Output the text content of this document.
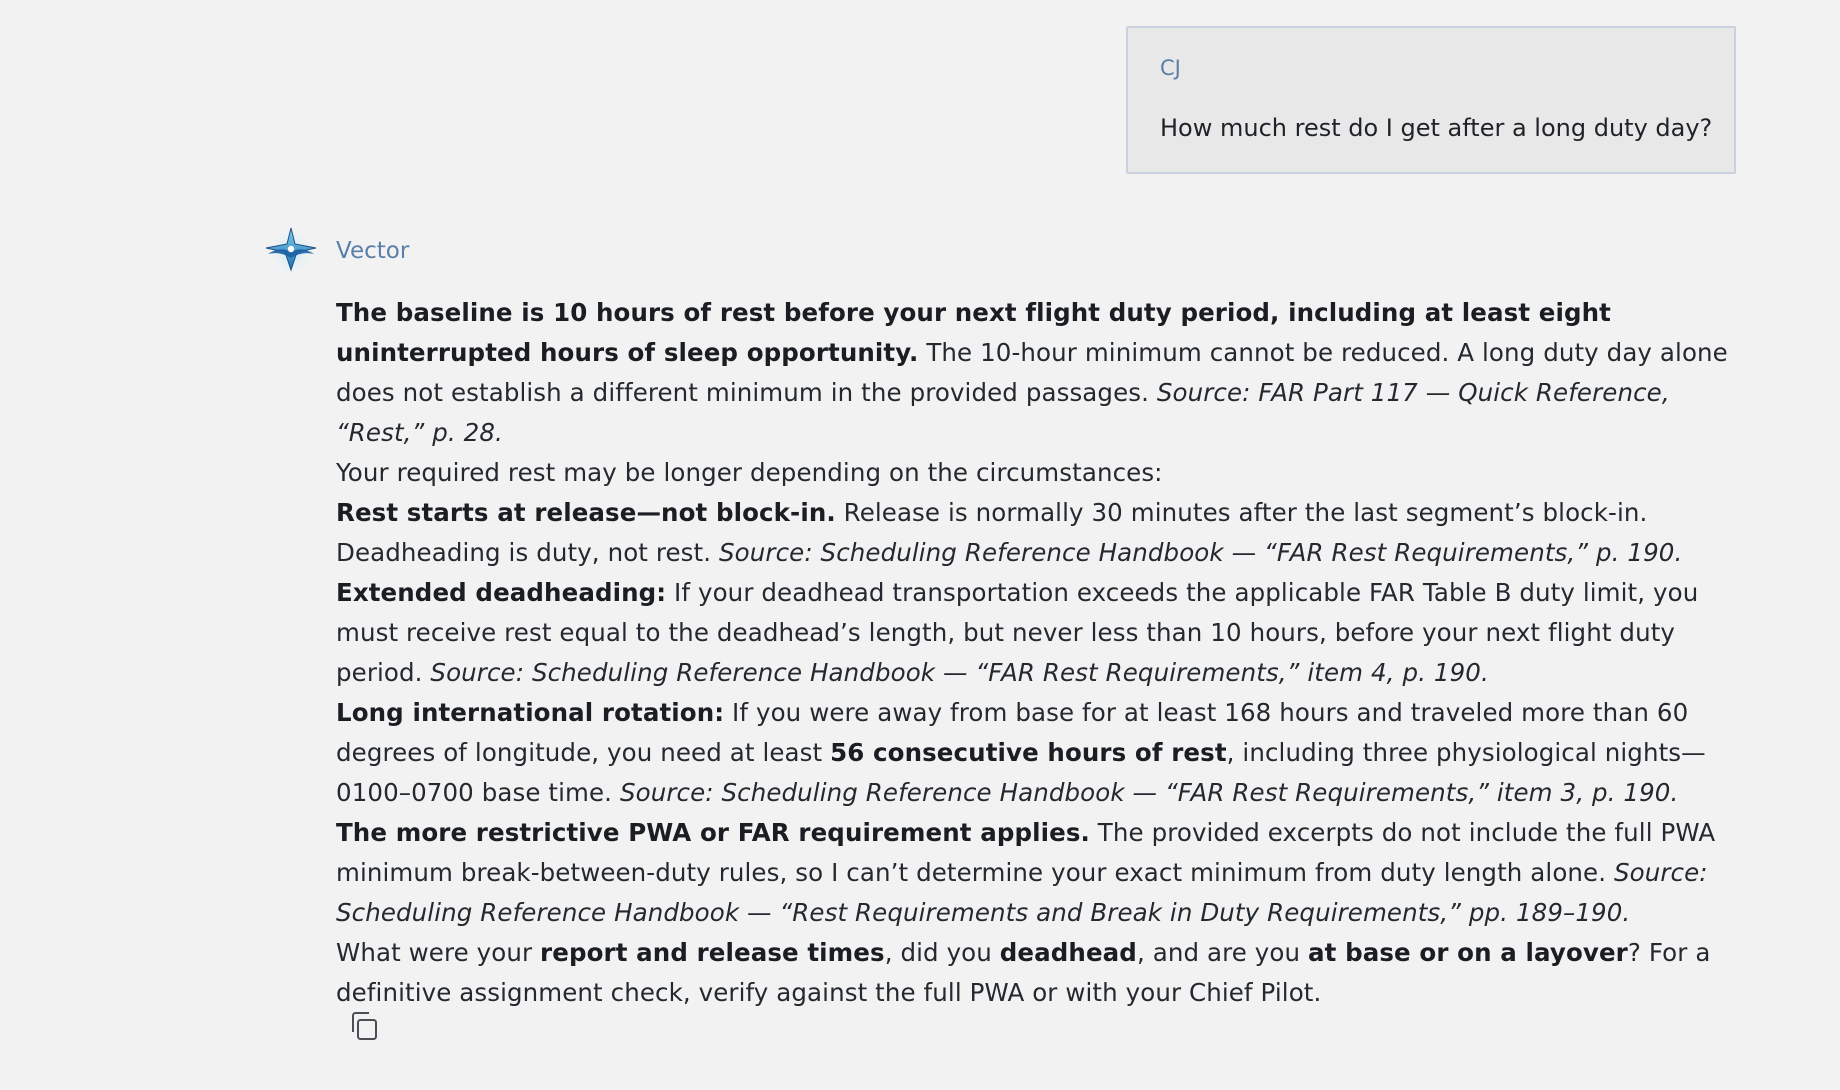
CJ
How much rest do I get after a long duty day?
Vector

The baseline is 10 hours of rest before your next flight duty period, including at least eight uninterrupted hours of sleep opportunity. The 10-hour minimum cannot be reduced. A long duty day alone does not establish a different minimum in the provided passages. Source: FAR Part 117 — Quick Reference, “Rest,” p. 28.

Your required rest may be longer depending on the circumstances:

Rest starts at release—not block-in. Release is normally 30 minutes after the last segment’s block-in. Deadheading is duty, not rest. Source: Scheduling Reference Handbook — “FAR Rest Requirements,” p. 190.

Extended deadheading: If your deadhead transportation exceeds the applicable FAR Table B duty limit, you must receive rest equal to the deadhead’s length, but never less than 10 hours, before your next flight duty period. Source: Scheduling Reference Handbook — “FAR Rest Requirements,” item 4, p. 190.

Long international rotation: If you were away from base for at least 168 hours and traveled more than 60 degrees of longitude, you need at least 56 consecutive hours of rest, including three physiological nights—0100–0700 base time. Source: Scheduling Reference Handbook — “FAR Rest Requirements,” item 3, p. 190.

The more restrictive PWA or FAR requirement applies. The provided excerpts do not include the full PWA minimum break-between-duty rules, so I can’t determine your exact minimum from duty length alone. Source: Scheduling Reference Handbook — “Rest Requirements and Break in Duty Requirements,” pp. 189–190.

What were your report and release times, did you deadhead, and are you at base or on a layover? For a definitive assignment check, verify against the full PWA or with your Chief Pilot.
